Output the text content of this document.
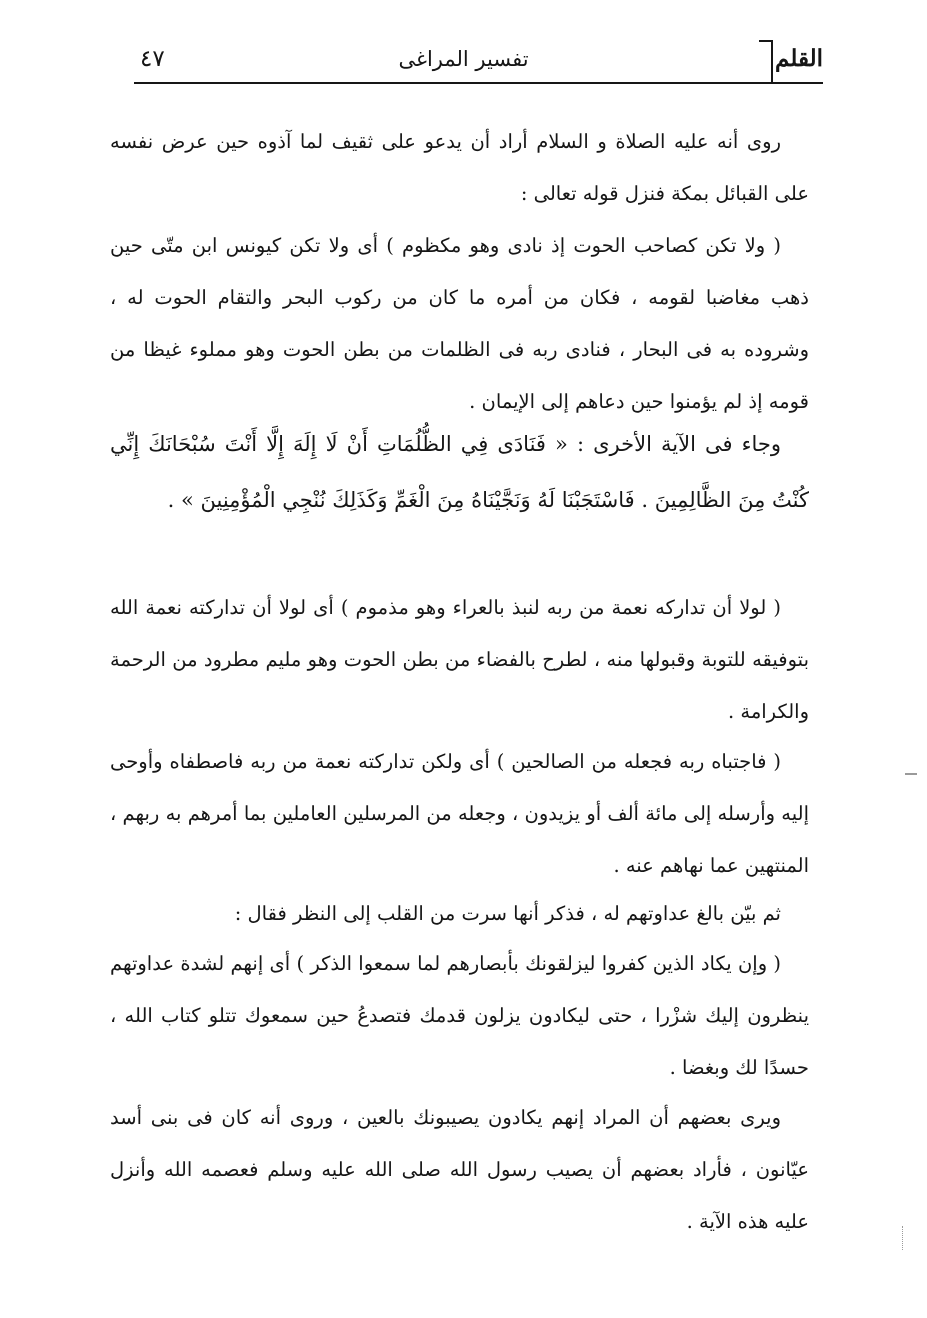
القلم
تفسير المراغى
٤٧

روى أنه عليه الصلاة و السلام أراد أن يدعو على ثقيف لما آذوه حين عرض نفسه على القبائل بمكة فنزل قوله تعالى :

( ولا تكن كصاحب الحوت إذ نادى وهو مكظوم ) أى ولا تكن كيونس ابن متّى حين ذهب مغاضبا لقومه ، فكان من أمره ما كان من ركوب البحر والتقام الحوت له ، وشروده به فى البحار ، فنادى ربه فى الظلمات من بطن الحوت وهو مملوء غيظا من قومه إذ لم يؤمنوا حين دعاهم إلى الإيمان .

وجاء فى الآية الأخرى : « فَنَادَى فِي الظُّلُمَاتِ أَنْ لَا إِلَهَ إِلَّا أَنْتَ سُبْحَانَكَ إِنِّي كُنْتُ مِنَ الظَّالِمِينَ . فَاسْتَجَبْنَا لَهُ وَنَجَّيْنَاهُ مِنَ الْغَمِّ وَكَذَلِكَ نُنْجِي الْمُؤْمِنِينَ » .

( لولا أن تداركه نعمة من ربه لنبذ بالعراء وهو مذموم ) أى لولا أن تداركته نعمة الله بتوفيقه للتوبة وقبولها منه ، لطرح بالفضاء من بطن الحوت وهو مليم مطرود من الرحمة والكرامة .

( فاجتباه ربه فجعله من الصالحين ) أى ولكن تداركته نعمة من ربه فاصطفاه وأوحى إليه وأرسله إلى مائة ألف أو يزيدون ، وجعله من المرسلين العاملين بما أمرهم به ربهم ، المنتهين عما نهاهم عنه .

ثم بيّن بالغ عداوتهم له ، فذكر أنها سرت من القلب إلى النظر فقال :

( وإن يكاد الذين كفروا ليزلقونك بأبصارهم لما سمعوا الذكر ) أى إنهم لشدة عداوتهم ينظرون إليك شزْرا ، حتى ليكادون يزلون قدمك فتصدعُ حين سمعوك تتلو كتاب الله ، حسدًا لك وبغضا .

ويرى بعضهم أن المراد إنهم يكادون يصيبونك بالعين ، وروى أنه كان فى بنى أسد عيّانون ، فأراد بعضهم أن يصيب رسول الله صلى الله عليه وسلم فعصمه الله وأنزل عليه هذه الآية .
